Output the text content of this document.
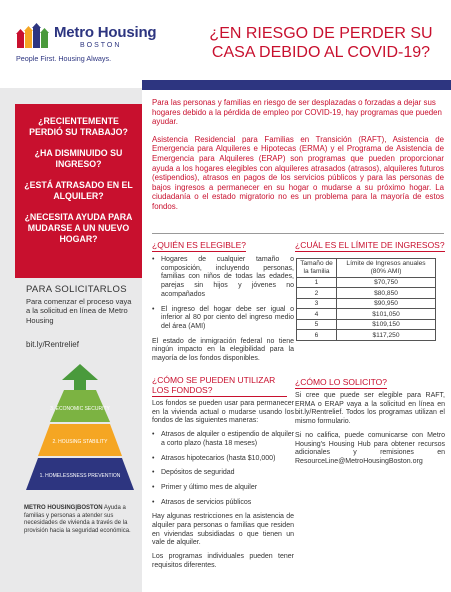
Metro Housing
BOSTON
People First. Housing Always.
¿EN RIESGO DE PERDER SU CASA DEBIDO AL COVID-19?

¿RECIENTEMENTE PERDIÓ SU TRABAJO?

¿HA DISMINUIDO SU INGRESO?

¿ESTÁ ATRASADO EN EL ALQUILER?

¿NECESITA AYUDA PARA MUDARSE A UN NUEVO HOGAR?

PARA SOLICITARLOS
Para comenzar el proceso vaya a la solicitud en línea de Metro Housing
bit.ly/Rentrelief
3. ECONOMIC SECURITY
2. HOUSING STABILITY
1. HOMELESSNESS PREVENTION
METRO HOUSING|BOSTON Ayuda a familias y personas a atender sus necesidades de vivienda a través de la provisión hacia la seguridad económica.

Para las personas y familias en riesgo de ser desplazadas o forzadas a dejar sus hogares debido a la pérdida de empleo por COVID-19, hay programas que pueden ayudar.

Asistencia Residencial para Familias en Transición (RAFT), Asistencia de Emergencia para Alquileres e Hipotecas (ERMA) y el Programa de Asistencia de Emergencia para Alquileres (ERAP) son programas que pueden proporcionar ayuda a los hogares elegibles con alquileres atrasados (atrasos), alquileres futuros (estipendios), atrasos en pagos de los servicios públicos y para las personas de bajos ingresos a permanecer en su hogar o mudarse a su próximo hogar. La ciudadanía o el estado migratorio no es un problema para la mayoría de estos fondos.

¿QUIÉN ES ELEGIBLE?
• Hogares de cualquier tamaño o composición, incluyendo personas, familias con niños de todas las edades, parejas sin hijos y jóvenes no acompañados
• El ingreso del hogar debe ser igual o inferior al 80 por ciento del ingreso medio del área (AMI)

El estado de inmigración federal no tiene ningún impacto en la elegibilidad para la mayoría de los fondos disponibles.

¿CÓMO SE PUEDEN UTILIZAR LOS FONDOS?

Los fondos se pueden usar para permanecer en la vivienda actual o mudarse usando los fondos de las siguientes maneras:

• Atrasos de alquiler o estipendio de alquiler a corto plazo (hasta 18 meses)
• Atrasos hipotecarios (hasta $10,000)
• Depósitos de seguridad
• Primer y último mes de alquiler
• Atrasos de servicios públicos

Hay algunas restricciones en la asistencia de alquiler para personas o familias que residen en viviendas subsidiadas o que tienen un vale de alquiler.

Los programas individuales pueden tener requisitos diferentes.

¿CUÁL ES EL LÍMITE DE INGRESOS?
Tamaño de la familia	Límite de Ingresos anuales (80% AMI)
1	$70,750
2	$80,850
3	$90,950
4	$101,050
5	$109,150
6	$117,250
¿CÓMO LO SOLICITO?

Si cree que puede ser elegible para RAFT, ERMA o ERAP vaya a la solicitud en línea en bit.ly/Rentrelief. Todos los programas utilizan el mismo formulario.

Si no califica, puede comunicarse con Metro Housing's Housing Hub para obtener recursos adicionales y remisiones en ResourceLine@MetroHousingBoston.org
